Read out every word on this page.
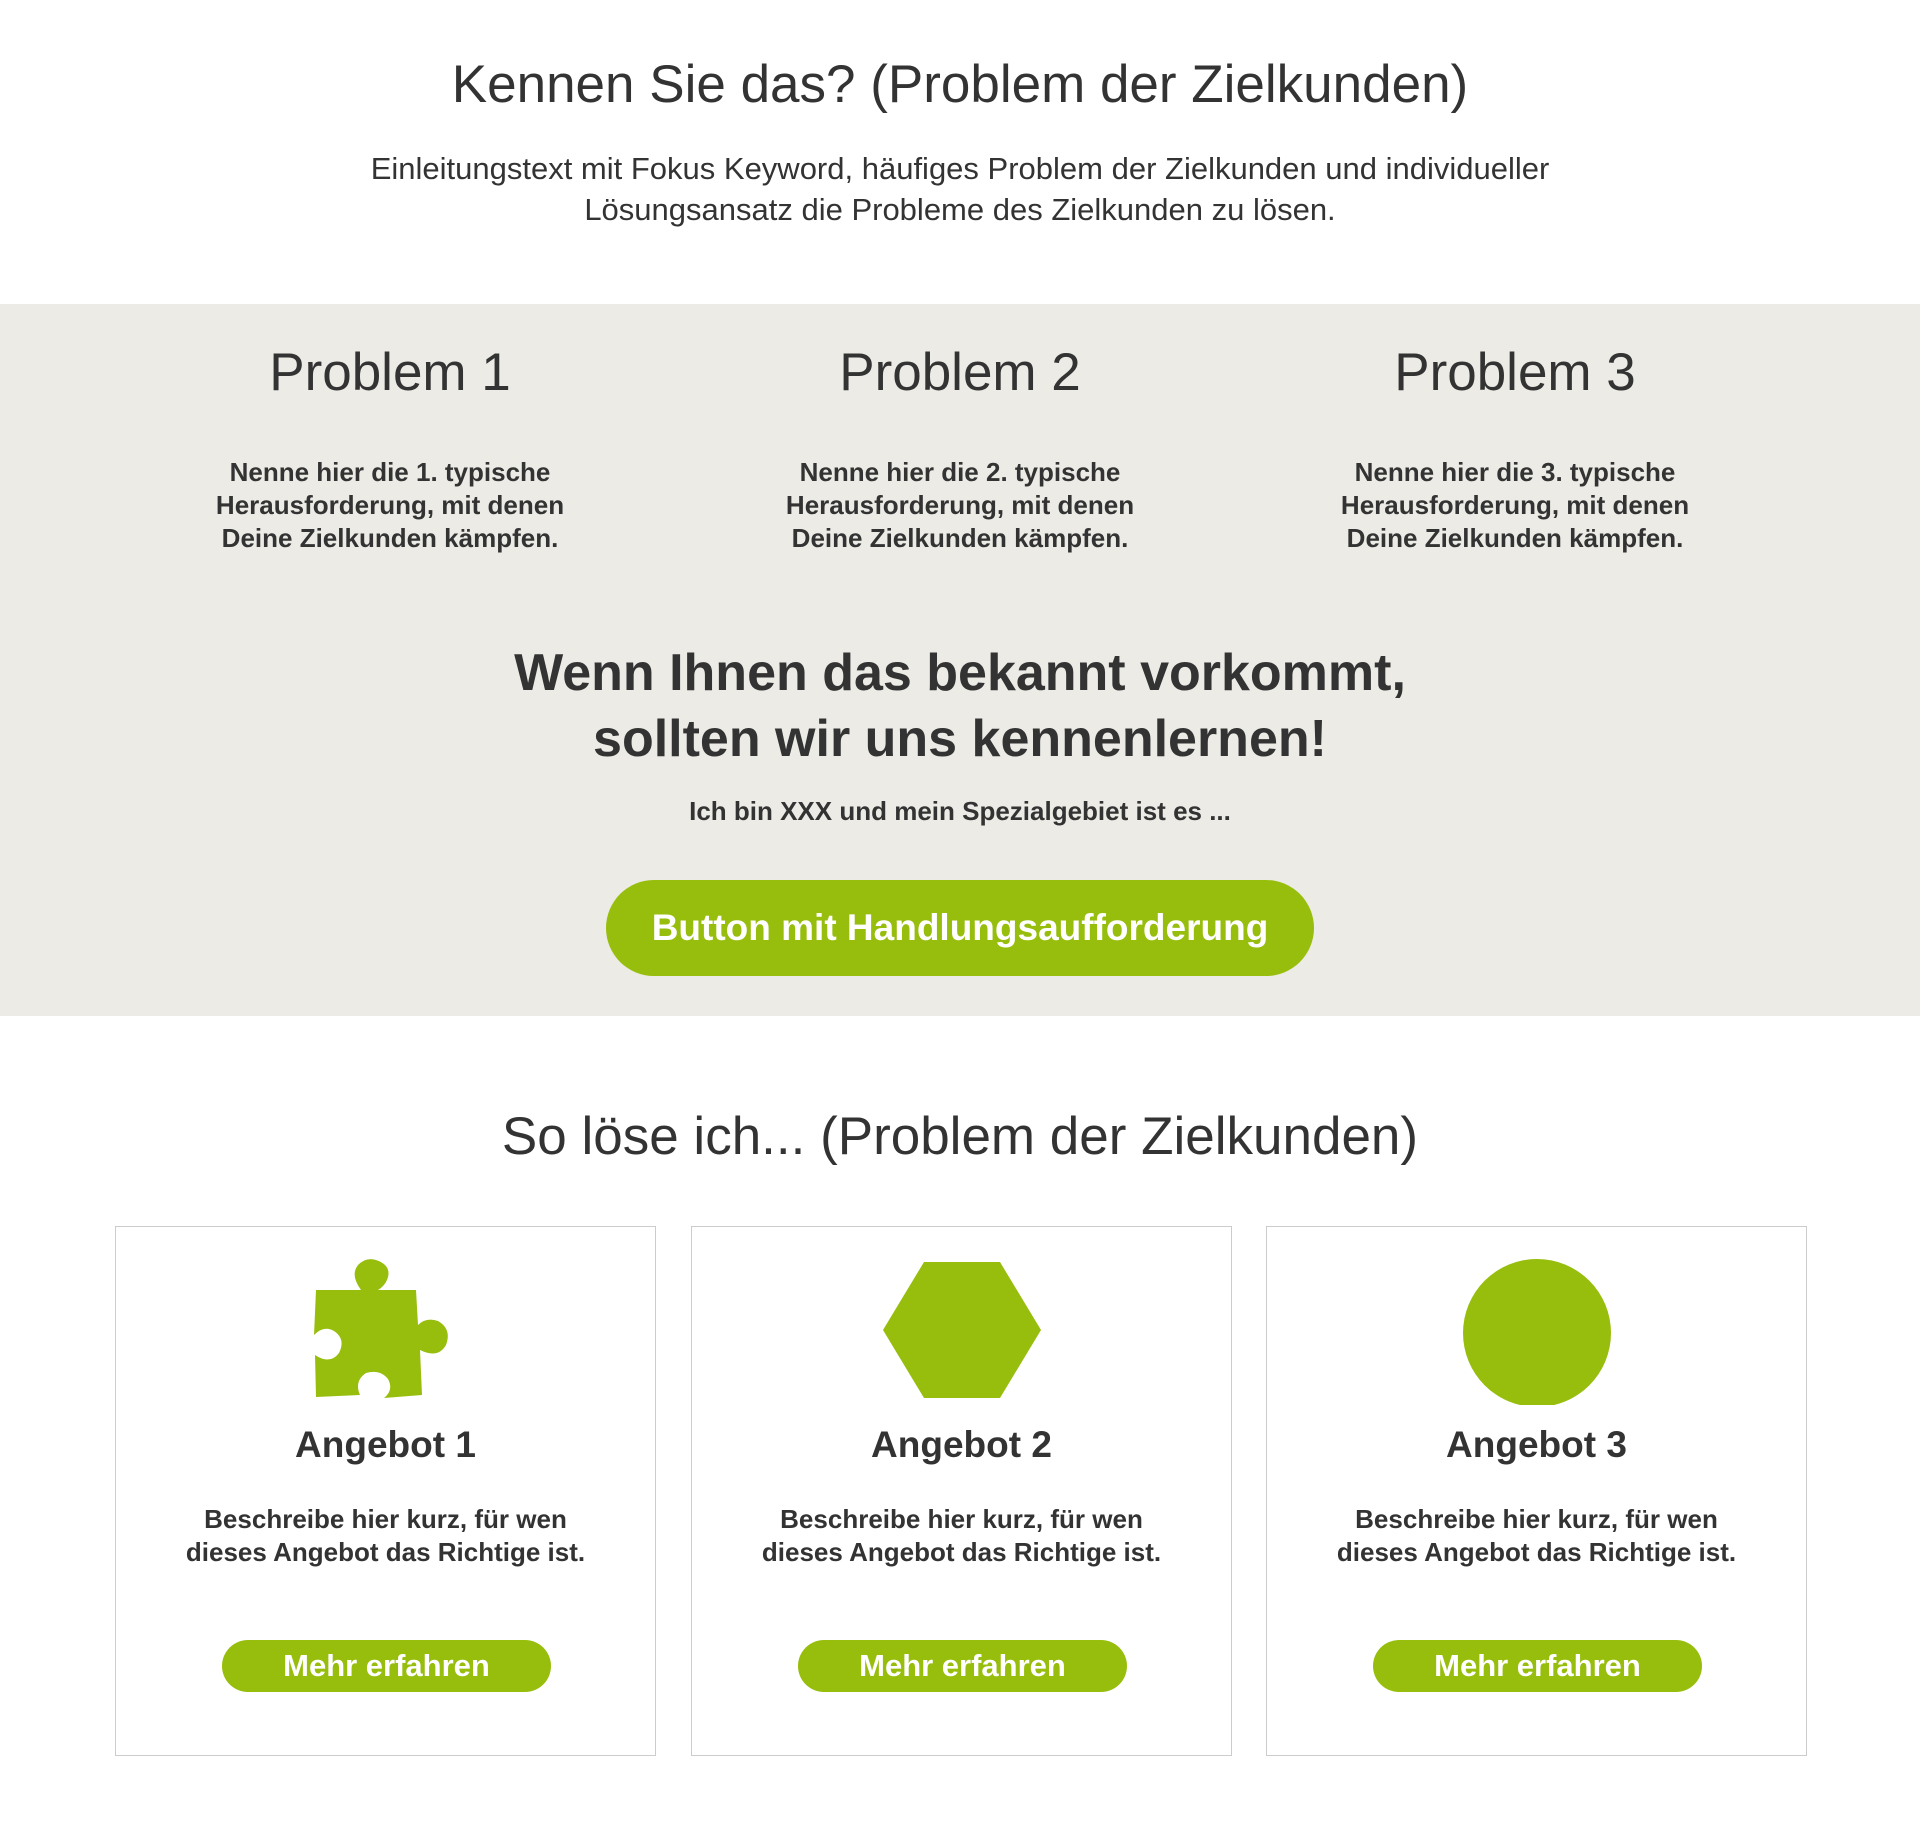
Kennen Sie das? (Problem der Zielkunden)

Einleitungstext mit Fokus Keyword, häufiges Problem der Zielkunden und individueller Lösungsansatz die Probleme des Zielkunden zu lösen.

Problem 1

Nenne hier die 1. typische Herausforderung, mit denen Deine Zielkunden kämpfen.

Problem 2

Nenne hier die 2. typische Herausforderung, mit denen Deine Zielkunden kämpfen.

Problem 3

Nenne hier die 3. typische Herausforderung, mit denen Deine Zielkunden kämpfen.

Wenn Ihnen das bekannt vorkommt,
sollten wir uns kennenlernen!

Ich bin XXX und mein Spezialgebiet ist es ...

Button mit Handlungsaufforderung
So löse ich... (Problem der Zielkunden)
Angebot 1

Beschreibe hier kurz, für wen dieses Angebot das Richtige ist.

Mehr erfahren
Angebot 2

Beschreibe hier kurz, für wen dieses Angebot das Richtige ist.

Mehr erfahren
Angebot 3

Beschreibe hier kurz, für wen dieses Angebot das Richtige ist.

Mehr erfahren
